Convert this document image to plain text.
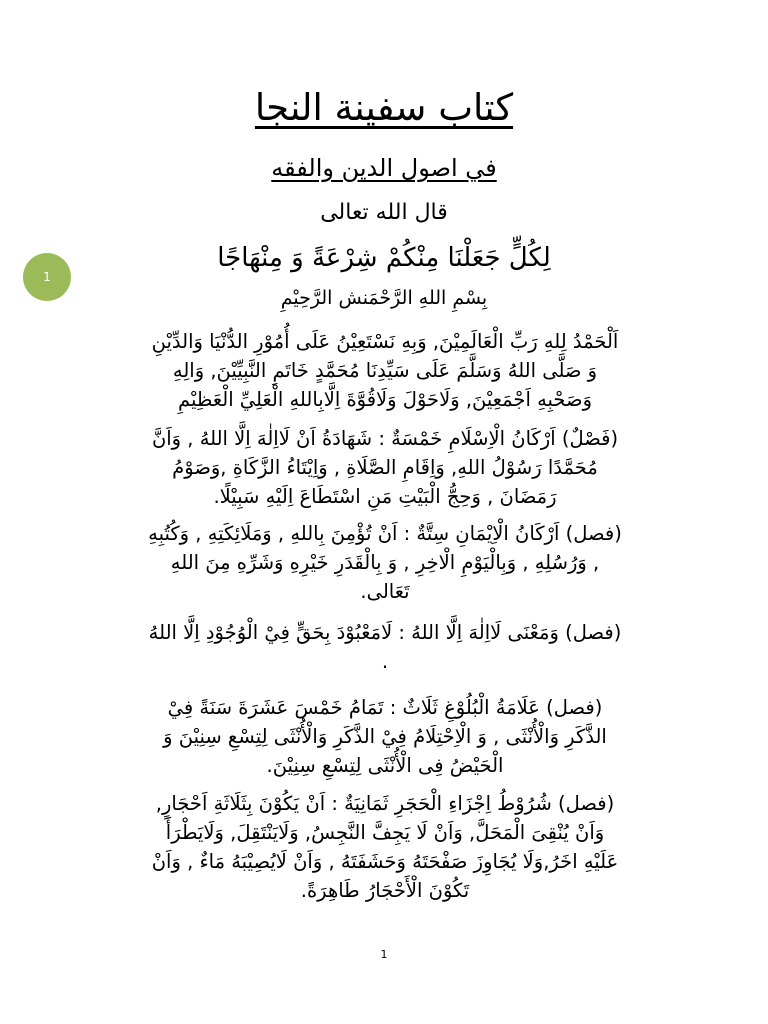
1
كتاب سفينة النجا
في اصول الدين والفقه
قال الله تعالى
لِكُلٍّ جَعَلْنَا مِنْكُمْ شِرْعَةً وَ مِنْهَاجًا
بِسْمِ اللهِ الرَّحْمَنش الرَّحِيْمِ
اَلْحَمْدُ لِلهِ رَبِّ الْعَالَمِيْنَ, وَبِهِ نَسْتَعِيْنُ عَلَى أُمُوْرِ الدُّنْيَا وَالدِّيْنِ
وَ صَلَّى اللهُ وَسَلَّمَ عَلَى سَيِّدِنَا مُحَمَّدٍ خَاتَمِ النَّبِيِّيْنَ, وَالِهِ
وَصَحْبِهِ اَجْمَعِيْنَ, وَلَاحَوْلَ وَلَاقُوَّةَ اِلَّابِاللهِ الْعَلِيِّ الْعَظِيْمِ
(فَصْلٌ) اَرْكَانُ الْاِسْلَامِ خَمْسَةٌ : شَهَادَةُ اَنْ لَااِلٰهَ اِلَّا اللهُ , وَاَنَّ
مُحَمَّدًا رَسُوْلُ اللهِ, وَاِقَامِ الصَّلَاةِ , وَاِيْتَاءُ الزَّكَاةِ ,وَصَوْمُ
رَمَضَانَ , وَحِجُّ الْبَيْتِ مَنِ اسْتَطَاعَ اِلَيْهِ سَبِيْلًا.
(فصل) اَرْكَانُ الْاِيْمَانِ سِتَّةٌ : اَنْ تُؤْمِنَ بِاللهِ , وَمَلَائِكَتِهِ , وَكُتُبِهِ
, وَرُسُلِهِ , وَبِالْيَوْمِ الْاخِرِ , وَ بِالْقَدَرِ خَيْرِهِ وَشَرِّهِ مِنَ اللهِ
تَعَالى.
(فصل) وَمَعْنَى لَااِلٰهَ اِلَّا اللهُ : لَامَعْبُوْدَ بِحَقٍّ فِيْ الْوُجُوْدِ اِلَّا اللهُ
.
(فصل) عَلَامَةُ الْبُلُوْغِ ثَلَاثٌ : تَمَامُ خَمْسَ عَشَرَةَ سَنَةً فِيْ
الذَّكَرِ وَالْأُنْثَى , وَ الْاِحْتِلَامُ فِيْ الذَّكَرِ وَالْأُنْثَى لِتِسْعِ سِنِيْنَ وَ
الْحَيْضُ فِى الْأُنْثَى لِتِسْعِ سِنِيْنَ.
(فصل) شُرُوْطُ اِجْزَاءِ الْحَجَرِ ثَمَانِيَةٌ : اَنْ يَكُوْنَ بِثَلَاثَةِ اَحْجَارٍ,
وَاَنْ يُنْقِىَ الْمَحَلَّ, وَاَنْ لَا يَجِفَّ النَّجِسُ, وَلَايَنْتَقِلَ, وَلَايَطْرَأَ
عَلَيْهِ اخَرُ,وَلَا يُجَاوِزَ صَفْحَتَهُ وَحَشَفَتَهُ , وَاَنْ لَايُصِيْبَهُ مَاءٌ , وَاَنْ
تَكُوْنَ الْأَحْجَارُ طَاهِرَةً.
1
